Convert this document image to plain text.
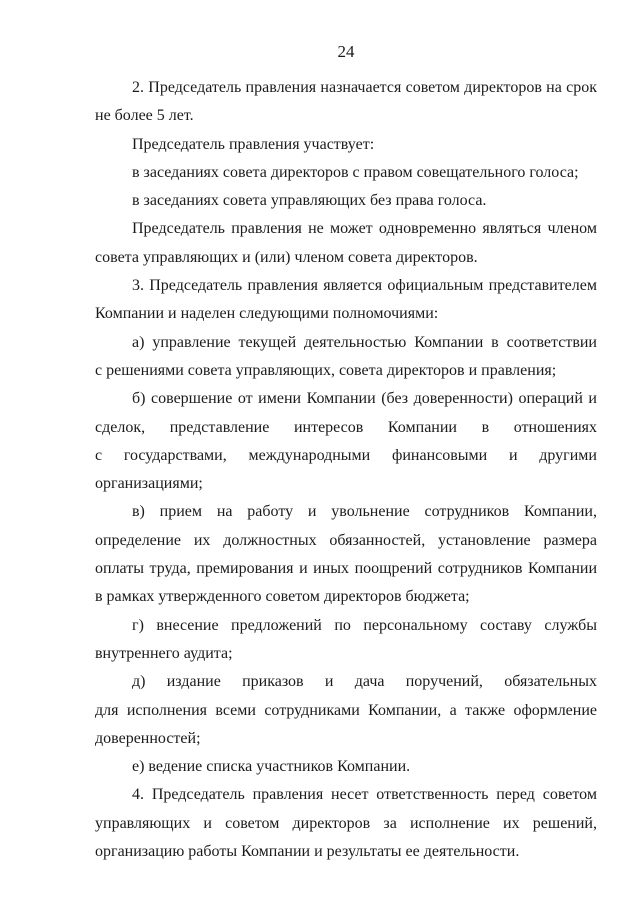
24
2. Председатель правления назначается советом директоров на срок
не более 5 лет.
Председатель правления участвует:
в заседаниях совета директоров с правом совещательного голоса;
в заседаниях совета управляющих без права голоса.
Председатель правления не может одновременно являться членом
совета управляющих и (или) членом совета директоров.
3. Председатель правления является официальным представителем
Компании и наделен следующими полномочиями:
а) управление текущей деятельностью Компании в соответствии
с решениями совета управляющих, совета директоров и правления;
б) совершение от имени Компании (без доверенности) операций и
сделок, представление интересов Компании в отношениях
с государствами, международными финансовыми и другими
организациями;
в) прием на работу и увольнение сотрудников Компании,
определение их должностных обязанностей, установление размера
оплаты труда, премирования и иных поощрений сотрудников Компании
в рамках утвержденного советом директоров бюджета;
г) внесение предложений по персональному составу службы
внутреннего аудита;
д) издание приказов и дача поручений, обязательных
для исполнения всеми сотрудниками Компании, а также оформление
доверенностей;
е) ведение списка участников Компании.
4. Председатель правления несет ответственность перед советом
управляющих и советом директоров за исполнение их решений,
организацию работы Компании и результаты ее деятельности.
